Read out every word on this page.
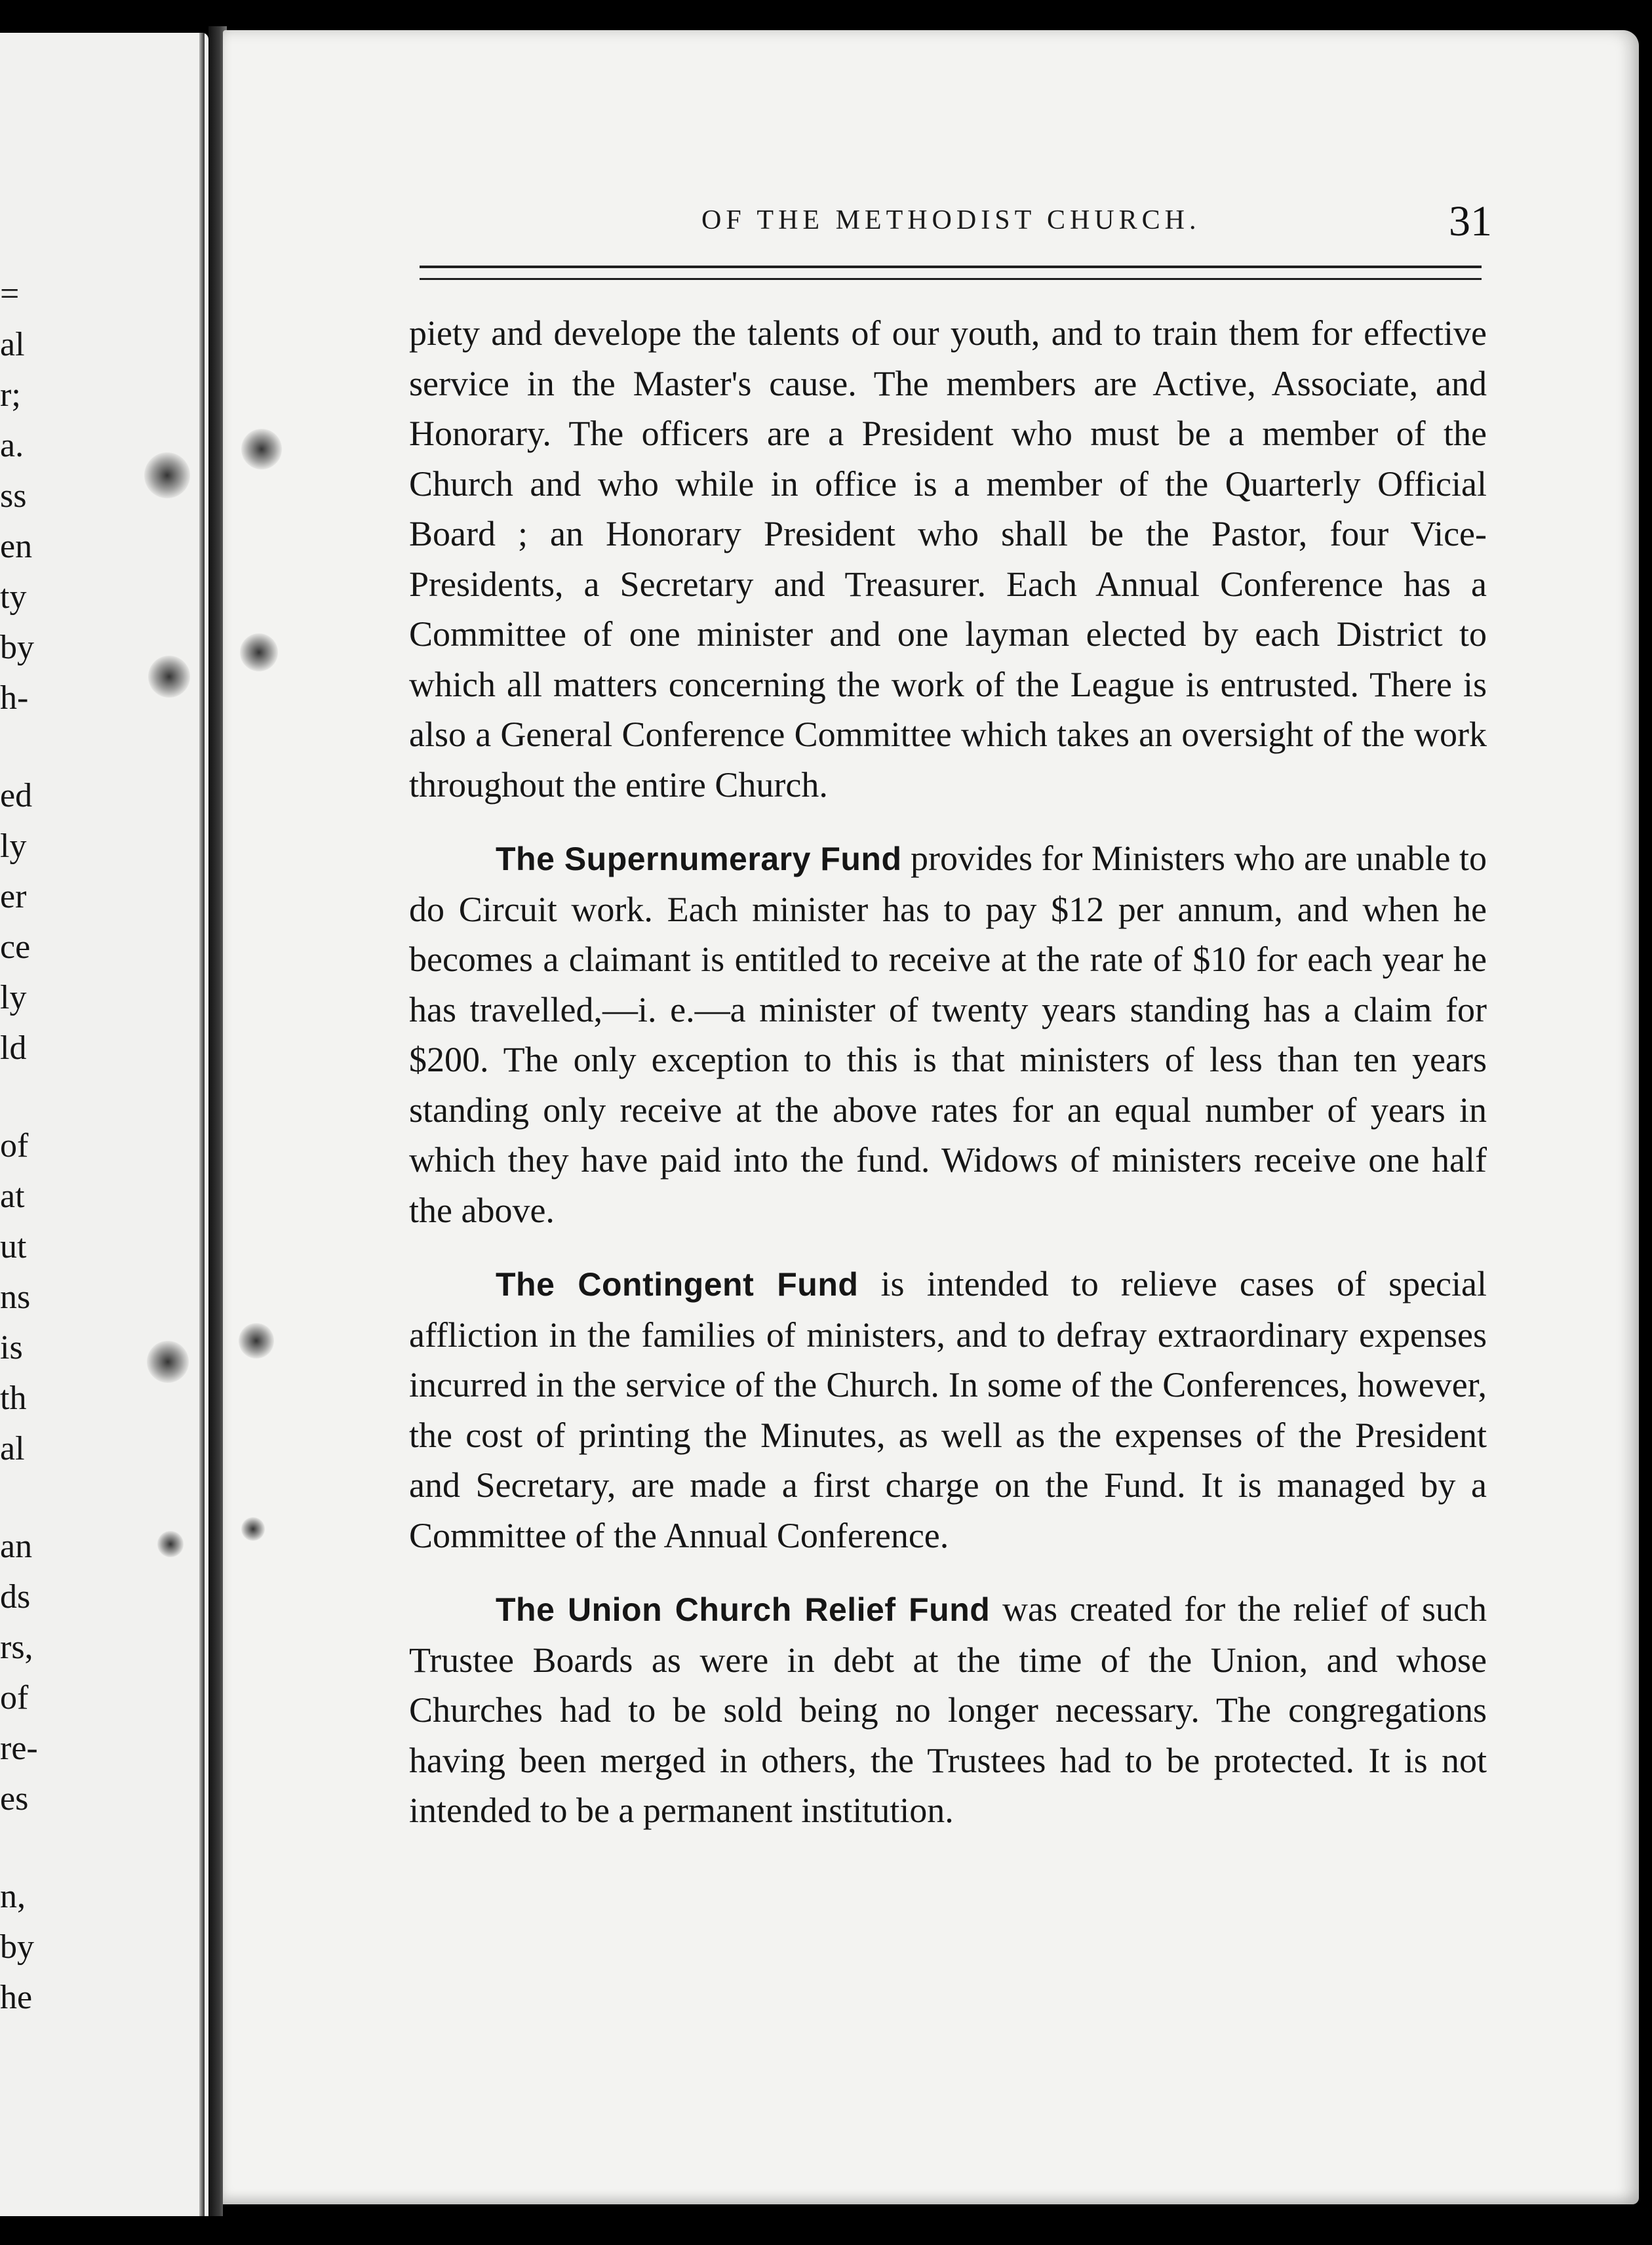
=
al
r;
a.
ss
en
ty
by
h-
ed
ly
er
ce
ly
ld
of
at
ut
ns
is
th
al
an
ds
rs,
of
re-
es
n,
by
he
OF THE METHODIST CHURCH.	31

piety and develope the talents of our youth, and to train them for effective service in the Master's cause. The members are Active, Associate, and Honorary. The officers are a President who must be a member of the Church and who while in office is a member of the Quarterly Official Board ; an Honorary President who shall be the Pastor, four Vice-Presidents, a Secretary and Treasurer. Each Annual Conference has a Committee of one minister and one layman elected by each District to which all matters concerning the work of the League is entrusted. There is also a General Conference Committee which takes an oversight of the work throughout the entire Church.

The Supernumerary Fund provides for Ministers who are unable to do Circuit work. Each minister has to pay $12 per annum, and when he becomes a claimant is entitled to receive at the rate of $10 for each year he has travelled,—i. e.—a minister of twenty years standing has a claim for $200. The only exception to this is that ministers of less than ten years standing only receive at the above rates for an equal number of years in which they have paid into the fund. Widows of ministers receive one half the above.

The Contingent Fund is intended to relieve cases of special affliction in the families of ministers, and to defray extraordinary expenses incurred in the service of the Church. In some of the Conferences, however, the cost of printing the Minutes, as well as the expenses of the President and Secretary, are made a first charge on the Fund. It is managed by a Committee of the Annual Conference.

The Union Church Relief Fund was created for the relief of such Trustee Boards as were in debt at the time of the Union, and whose Churches had to be sold being no longer necessary. The congregations having been merged in others, the Trustees had to be protected. It is not intended to be a permanent institution.
